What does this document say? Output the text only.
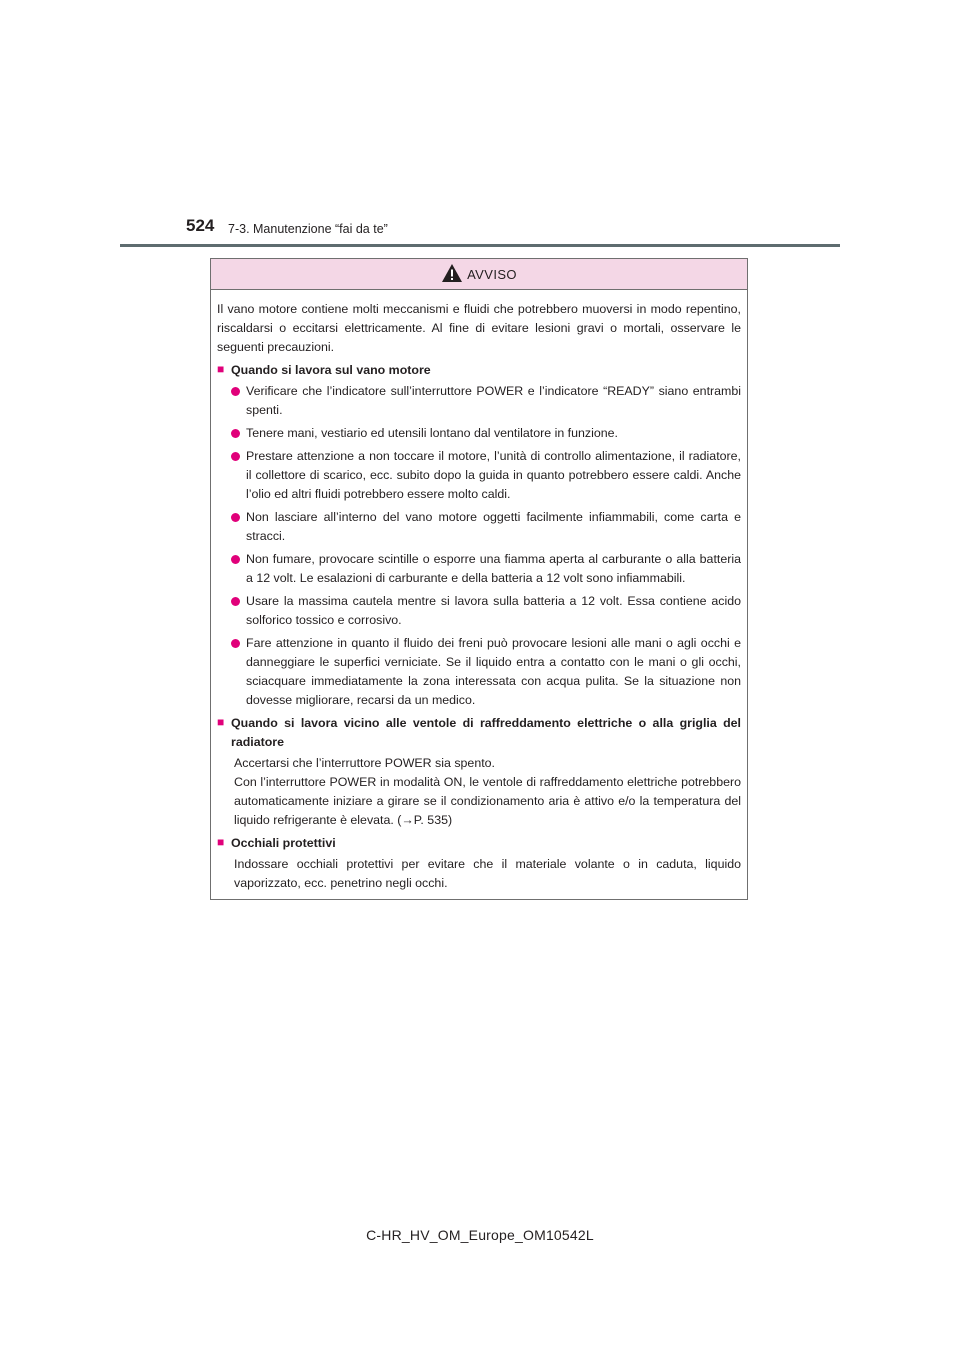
524 7-3. Manutenzione “fai da te”
AVVISO

Il vano motore contiene molti meccanismi e fluidi che potrebbero muoversi in modo repentino, riscaldarsi o eccitarsi elettricamente. Al fine di evitare lesioni gravi o mortali, osservare le seguenti precauzioni.

■ Quando si lavora sul vano motore
Verificare che l’indicatore sull’interruttore POWER e l’indicatore “READY” siano entrambi spenti.
Tenere mani, vestiario ed utensili lontano dal ventilatore in funzione.
Prestare attenzione a non toccare il motore, l’unità di controllo alimentazione, il radiatore, il collettore di scarico, ecc. subito dopo la guida in quanto potrebbero essere caldi. Anche l’olio ed altri fluidi potrebbero essere molto caldi.
Non lasciare all’interno del vano motore oggetti facilmente infiammabili, come carta e stracci.
Non fumare, provocare scintille o esporre una fiamma aperta al carburante o alla batteria a 12 volt. Le esalazioni di carburante e della batteria a 12 volt sono infiammabili.
Usare la massima cautela mentre si lavora sulla batteria a 12 volt. Essa contiene acido solforico tossico e corrosivo.
Fare attenzione in quanto il fluido dei freni può provocare lesioni alle mani o agli occhi e danneggiare le superfici verniciate. Se il liquido entra a contatto con le mani o gli occhi, sciacquare immediatamente la zona interessata con acqua pulita. Se la situazione non dovesse migliorare, recarsi da un medico.
■ Quando si lavora vicino alle ventole di raffreddamento elettriche o alla griglia del radiatore
Accertarsi che l’interruttore POWER sia spento.
Con l’interruttore POWER in modalità ON, le ventole di raffreddamento elettriche potrebbero automaticamente iniziare a girare se il condizionamento aria è attivo e/o la temperatura del liquido refrigerante è elevata. (→P. 535)
■ Occhiali protettivi
Indossare occhiali protettivi per evitare che il materiale volante o in caduta, liquido vaporizzato, ecc. penetrino negli occhi.
C-HR_HV_OM_Europe_OM10542L
